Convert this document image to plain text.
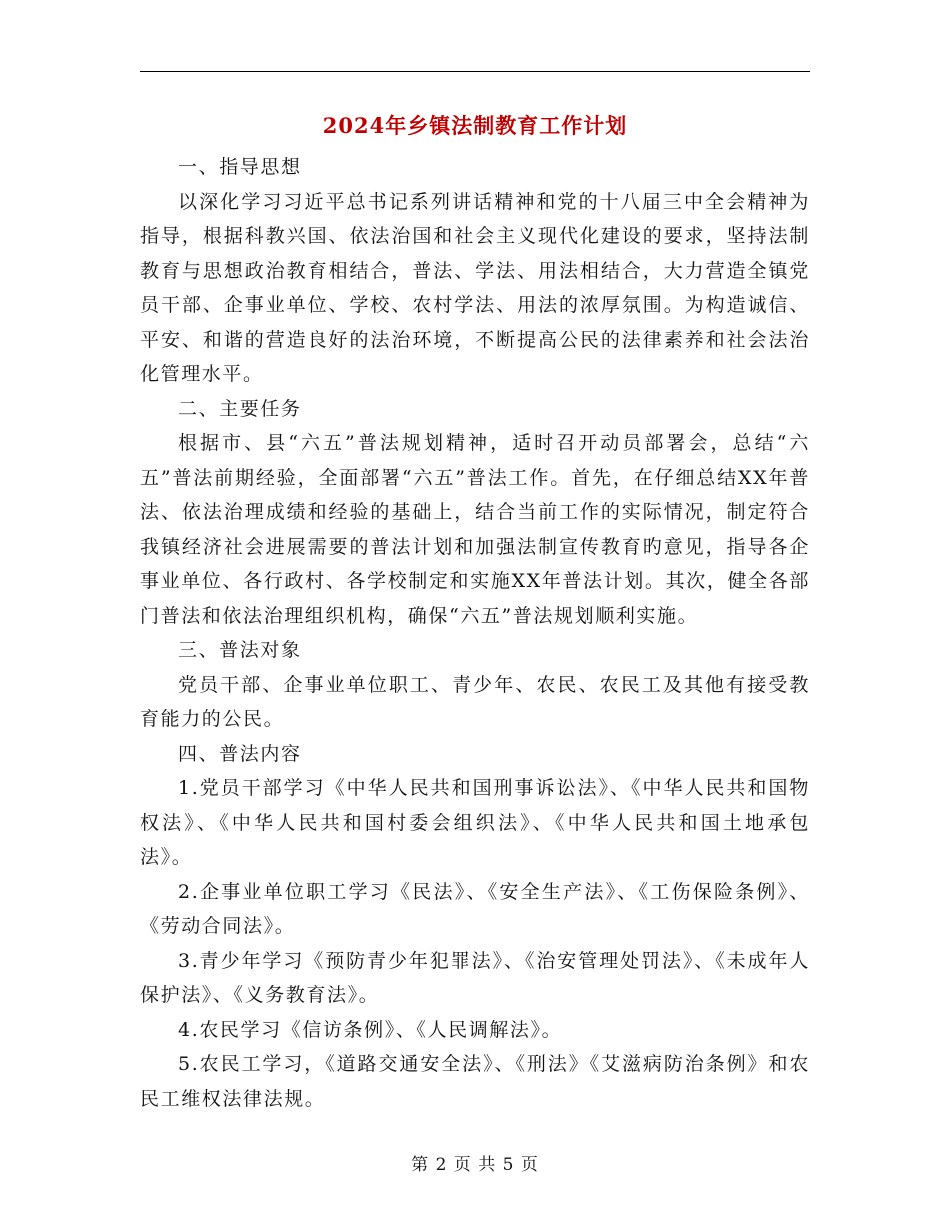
2024年乡镇法制教育工作计划

一、指导思想

以深化学习习近平总书记系列讲话精神和党的十八届三中全会精神为指导，根据科教兴国、依法治国和社会主义现代化建设的要求，坚持法制教育与思想政治教育相结合，普法、学法、用法相结合，大力营造全镇党员干部、企事业单位、学校、农村学法、用法的浓厚氛围。为构造诚信、平安、和谐的营造良好的法治环境，不断提高公民的法律素养和社会法治化管理水平。

二、主要任务

根据市、县“六五”普法规划精神，适时召开动员部署会，总结“六五”普法前期经验，全面部署“六五”普法工作。首先，在仔细总结XX年普法、依法治理成绩和经验的基础上，结合当前工作的实际情况，制定符合我镇经济社会进展需要的普法计划和加强法制宣传教育旳意见，指导各企事业单位、各行政村、各学校制定和实施XX年普法计划。其次，健全各部门普法和依法治理组织机构，确保“六五”普法规划顺利实施。

三、普法对象

党员干部、企事业单位职工、青少年、农民、农民工及其他有接受教育能力的公民。

四、普法内容

1.党员干部学习《中华人民共和国刑事诉讼法》、《中华人民共和国物权法》、《中华人民共和国村委会组织法》、《中华人民共和国土地承包法》。

2.企事业单位职工学习《民法》、《安全生产法》、《工伤保险条例》、《劳动合同法》。

3.青少年学习《预防青少年犯罪法》、《治安管理处罚法》、《未成年人保护法》、《义务教育法》。

4.农民学习《信访条例》、《人民调解法》。

5.农民工学习，《道路交通安全法》、《刑法》《艾滋病防治条例》和农民工维权法律法规。

第 2 页 共 5 页
